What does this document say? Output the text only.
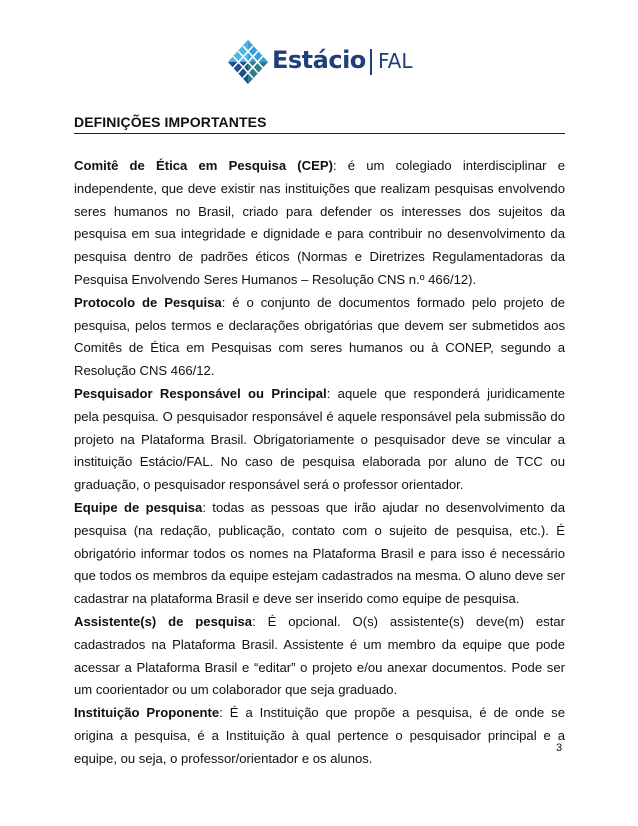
Estácio FAL
DEFINIÇÕES IMPORTANTES

Comitê de Ética em Pesquisa (CEP): é um colegiado interdisciplinar e independente, que deve existir nas instituições que realizam pesquisas envolvendo seres humanos no Brasil, criado para defender os interesses dos sujeitos da pesquisa em sua integridade e dignidade e para contribuir no desenvolvimento da pesquisa dentro de padrões éticos (Normas e Diretrizes Regulamentadoras da Pesquisa Envolvendo Seres Humanos – Resolução CNS n.º 466/12).

Protocolo de Pesquisa: é o conjunto de documentos formado pelo projeto de pesquisa, pelos termos e declarações obrigatórias que devem ser submetidos aos Comitês de Ética em Pesquisas com seres humanos ou à CONEP, segundo a Resolução CNS 466/12.

Pesquisador Responsável ou Principal: aquele que responderá juridicamente pela pesquisa. O pesquisador responsável é aquele responsável pela submissão do projeto na Plataforma Brasil. Obrigatoriamente o pesquisador deve se vincular a instituição Estácio/FAL. No caso de pesquisa elaborada por aluno de TCC ou graduação, o pesquisador responsável será o professor orientador.

Equipe de pesquisa: todas as pessoas que irão ajudar no desenvolvimento da pesquisa (na redação, publicação, contato com o sujeito de pesquisa, etc.). É obrigatório informar todos os nomes na Plataforma Brasil e para isso é necessário que todos os membros da equipe estejam cadastrados na mesma. O aluno deve ser cadastrar na plataforma Brasil e deve ser inserido como equipe de pesquisa.

Assistente(s) de pesquisa: É opcional. O(s) assistente(s) deve(m) estar cadastrados na Plataforma Brasil. Assistente é um membro da equipe que pode acessar a Plataforma Brasil e “editar” o projeto e/ou anexar documentos. Pode ser um coorientador ou um colaborador que seja graduado.

Instituição Proponente: É a Instituição que propõe a pesquisa, é de onde se origina a pesquisa, é a Instituição à qual pertence o pesquisador principal e a equipe, ou seja, o professor/orientador e os alunos.

3
